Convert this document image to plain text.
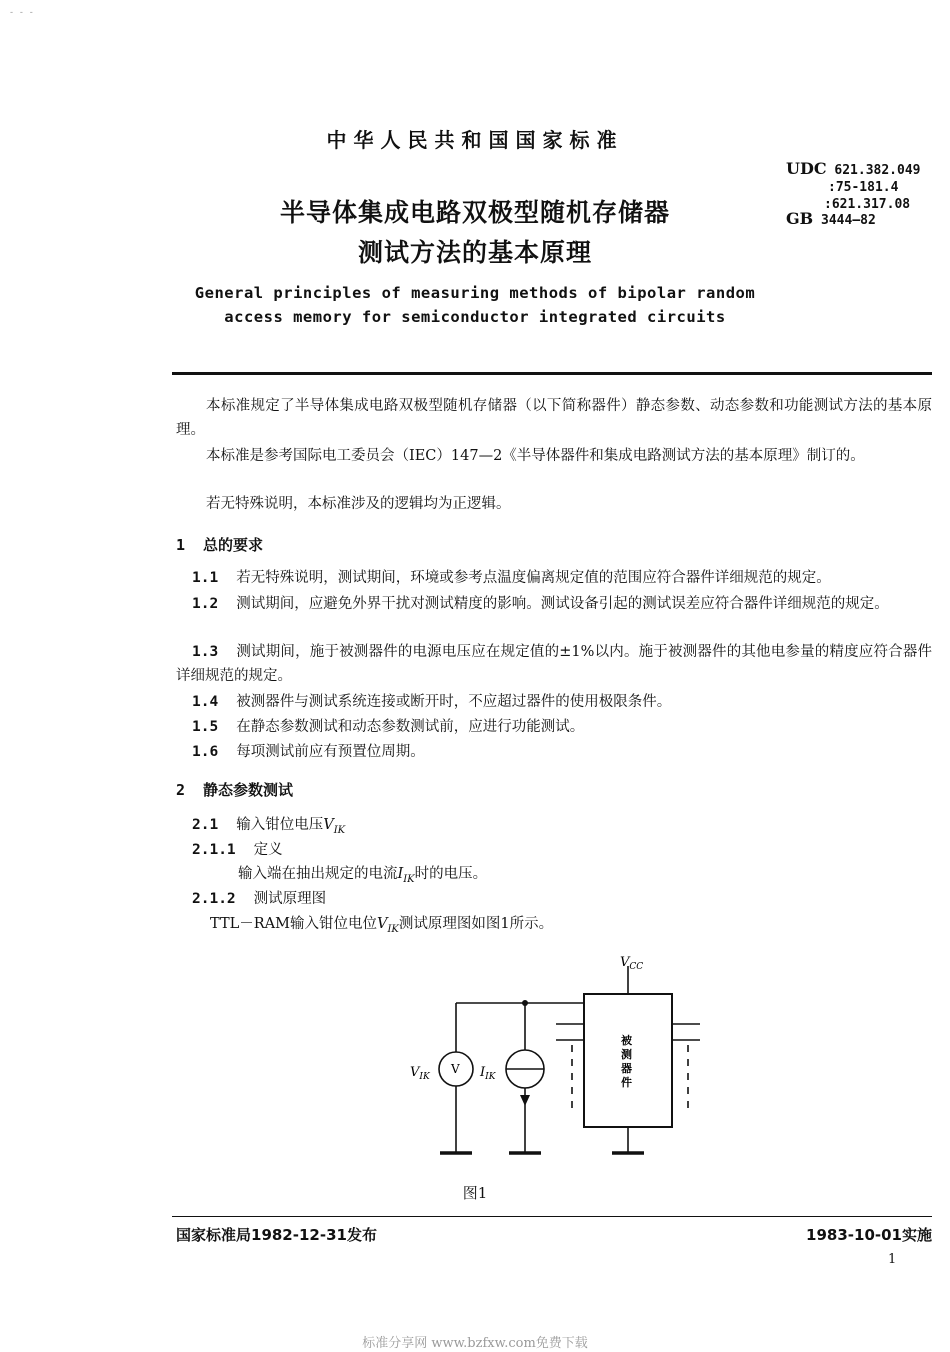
- - -
中华人民共和国国家标准
UDC 621.382.049
:75-181.4
:621.317.08
GB 3444—82
半导体集成电路双极型随机存储器
测试方法的基本原理
General principles of measuring methods of bipolar random
access memory for semiconductor integrated circuits
本标准规定了半导体集成电路双极型随机存储器（以下简称器件）静态参数、动态参数和功能测试方法的基本原理。
本标准是参考国际电工委员会（IEC）147—2《半导体器件和集成电路测试方法的基本原理》制订的。
若无特殊说明，本标准涉及的逻辑均为正逻辑。
1 总的要求
1.1 若无特殊说明，测试期间，环境或参考点温度偏离规定值的范围应符合器件详细规范的规定。
1.2 测试期间，应避免外界干扰对测试精度的影响。测试设备引起的测试误差应符合器件详细规范的规定。
1.3 测试期间，施于被测器件的电源电压应在规定值的±1%以内。施于被测器件的其他电参量的精度应符合器件详细规范的规定。
1.4 被测器件与测试系统连接或断开时，不应超过器件的使用极限条件。
1.5 在静态参数测试和动态参数测试前，应进行功能测试。
1.6 每项测试前应有预置位周期。
2 静态参数测试
2.1 输入钳位电压$V_{IK}$
2.1.1 定义
输入端在抽出规定的电流$I_{IK}$时的电压。
2.1.2 测试原理图
TTL－RAM输入钳位电位$V_{IK}$测试原理图如图1所示。
$V_{CC}$
$V_{IK}$	$I_{IK}$
V
被
测
器
件
图1
国家标准局1982-12-31发布	1983-10-01实施
1
标准分享网 www.bzfxw.com免费下载
